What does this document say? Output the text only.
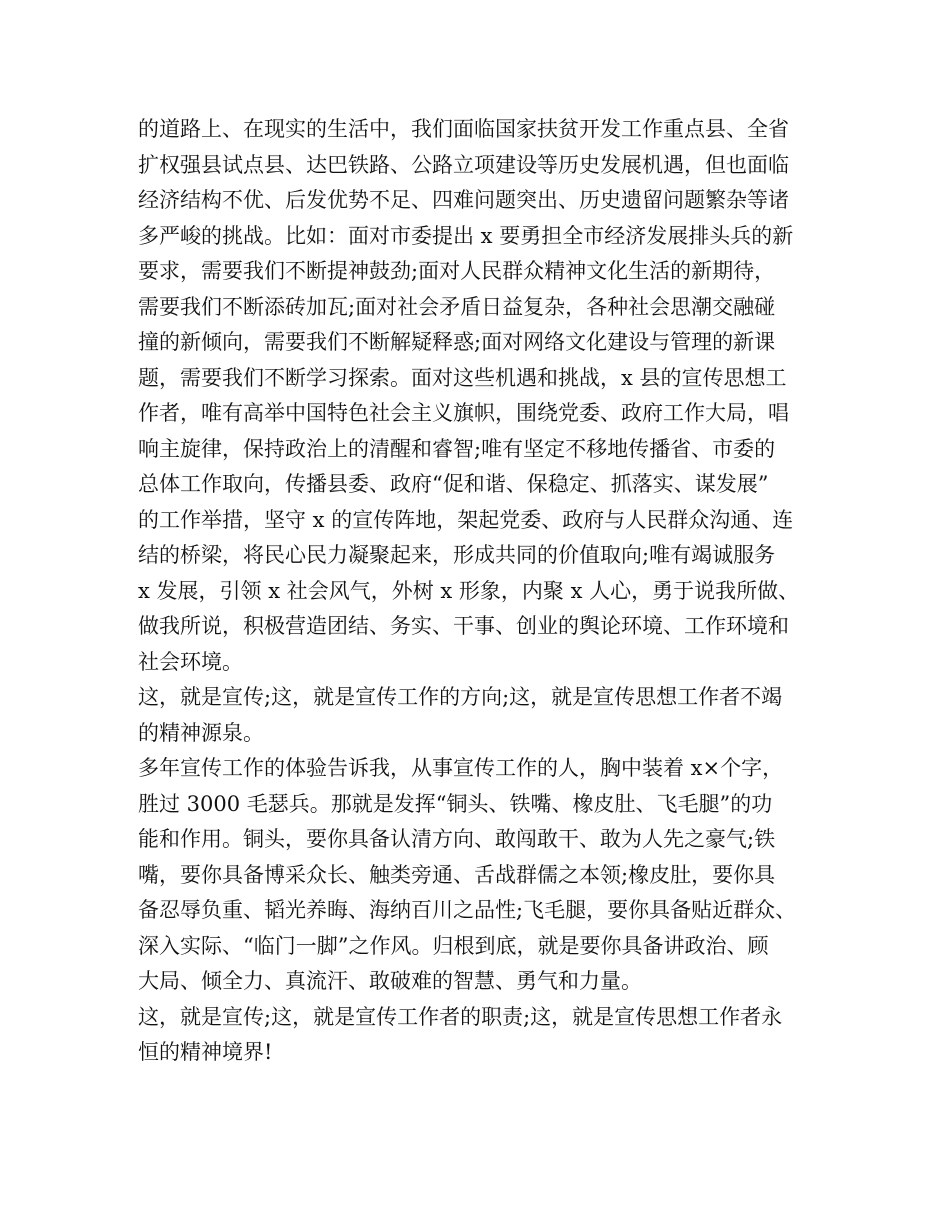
的道路上、在现实的生活中，我们面临国家扶贫开发工作重点县、全省
扩权强县试点县、达巴铁路、公路立项建设等历史发展机遇，但也面临
经济结构不优、后发优势不足、四难问题突出、历史遗留问题繁杂等诸
多严峻的挑战。比如：面对市委提出 x 要勇担全市经济发展排头兵的新
要求，需要我们不断提神鼓劲;面对人民群众精神文化生活的新期待，
需要我们不断添砖加瓦;面对社会矛盾日益复杂，各种社会思潮交融碰
撞的新倾向，需要我们不断解疑释惑;面对网络文化建设与管理的新课
题，需要我们不断学习探索。面对这些机遇和挑战，x 县的宣传思想工
作者，唯有高举中国特色社会主义旗帜，围绕党委、政府工作大局，唱
响主旋律，保持政治上的清醒和睿智;唯有坚定不移地传播省、市委的
总体工作取向，传播县委、政府“促和谐、保稳定、抓落实、谋发展”
的工作举措，坚守 x 的宣传阵地，架起党委、政府与人民群众沟通、连
结的桥梁，将民心民力凝聚起来，形成共同的价值取向;唯有竭诚服务
x 发展，引领 x 社会风气，外树 x 形象，内聚 x 人心，勇于说我所做、
做我所说，积极营造团结、务实、干事、创业的舆论环境、工作环境和
社会环境。
这，就是宣传;这，就是宣传工作的方向;这，就是宣传思想工作者不竭
的精神源泉。
多年宣传工作的体验告诉我，从事宣传工作的人，胸中装着 x×个字，
胜过 3000 毛瑟兵。那就是发挥“铜头、铁嘴、橡皮肚、飞毛腿”的功
能和作用。铜头，要你具备认清方向、敢闯敢干、敢为人先之豪气;铁
嘴，要你具备博采众长、触类旁通、舌战群儒之本领;橡皮肚，要你具
备忍辱负重、韬光养晦、海纳百川之品性;飞毛腿，要你具备贴近群众、
深入实际、“临门一脚”之作风。归根到底，就是要你具备讲政治、顾
大局、倾全力、真流汗、敢破难的智慧、勇气和力量。
这，就是宣传;这，就是宣传工作者的职责;这，就是宣传思想工作者永
恒的精神境界!
